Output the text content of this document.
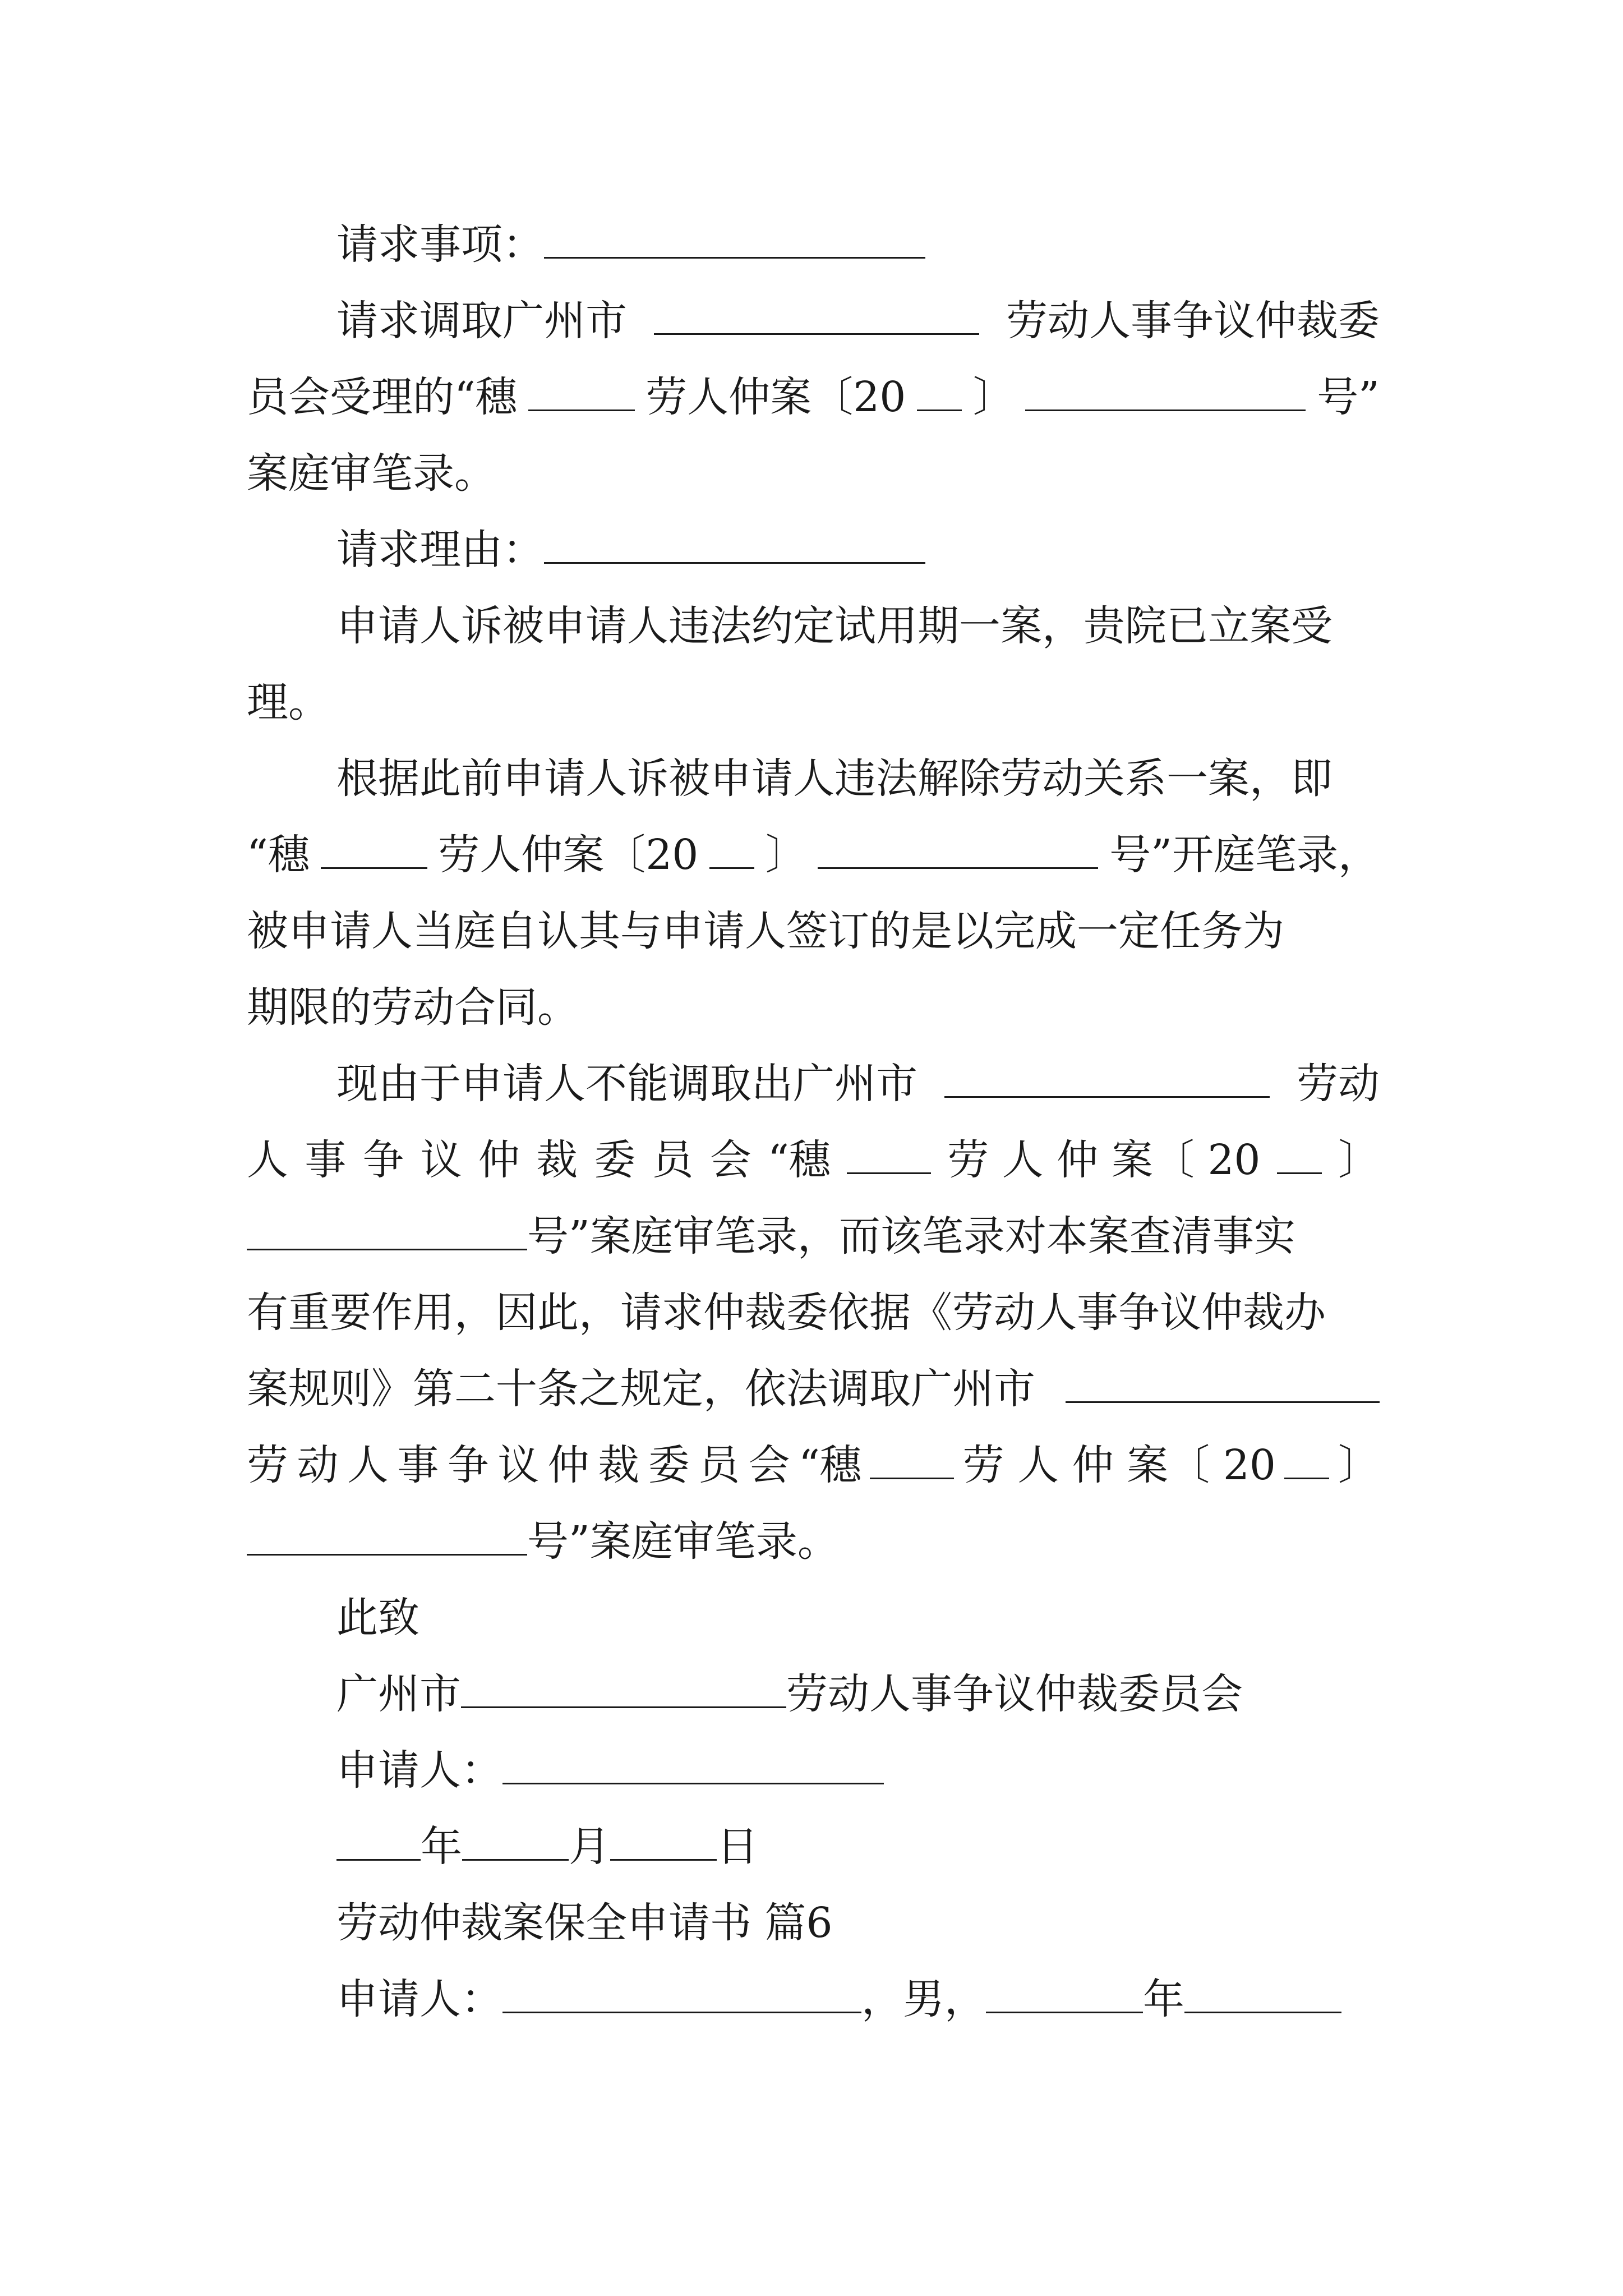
请求事项：
请求调取广州市	劳动人事争议仲裁委
员会受理的“穗	劳人仲案〔20 〕	号”
案庭审笔录。
请求理由：
申请人诉被申请人违法约定试用期一案，贵院已立案受
理。
根据此前申请人诉被申请人违法解除劳动关系一案，即
“穗	劳人仲案〔20 〕	号”开庭笔录，
被申请人当庭自认其与申请人签订的是以完成一定任务为
期限的劳动合同。
现由于申请人不能调取出广州市	劳动
人 事 争 议 仲 裁 委 员 会 “穗	劳 人 仲 案〔 20 〕
号”案庭审笔录，而该笔录对本案查清事实
有重要作用，因此，请求仲裁委依据《劳动人事争议仲裁办
案规则》第二十条之规定，依法调取广州市
劳 动 人 事 争 议 仲 裁 委 员 会 “穗 劳 人 仲 案〔 20 〕
号”案庭审笔录。
此致
广州市	劳动人事争议仲裁委员会
申请人：
年	月	日
劳动仲裁案保全申请书 篇6
申请人：	，男，	年
